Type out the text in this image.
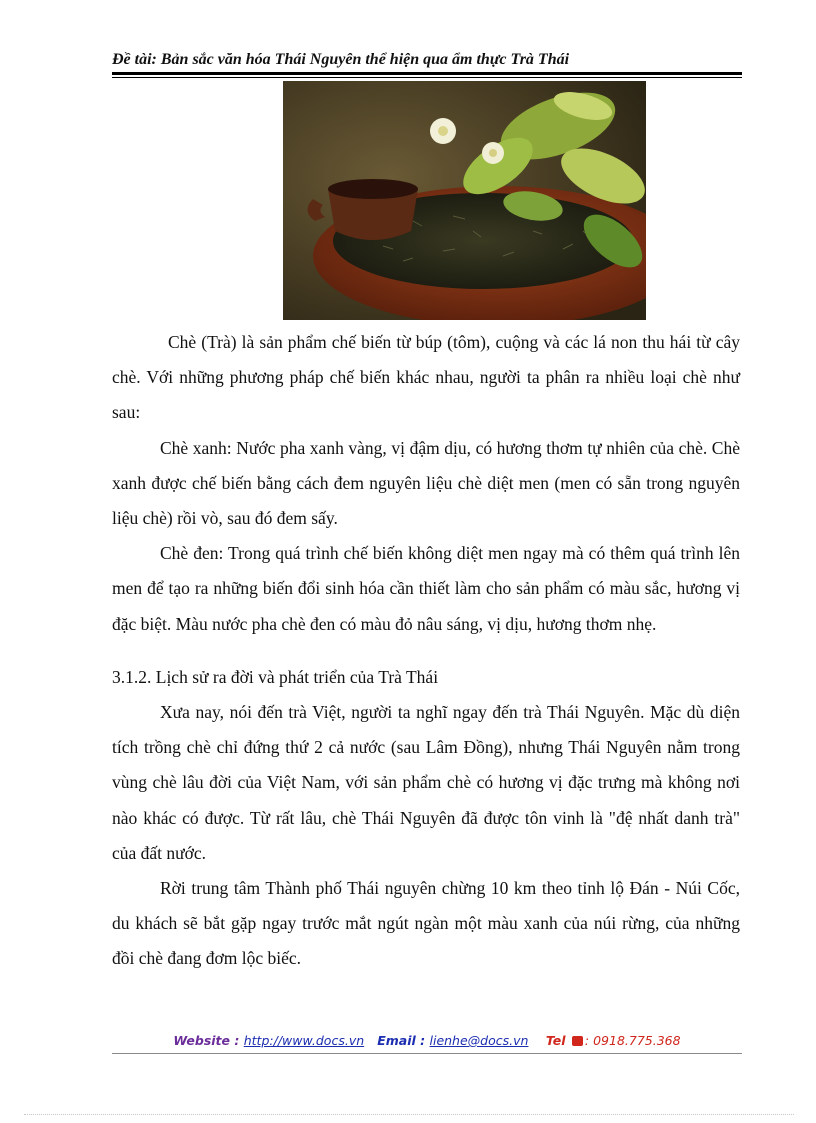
Đề tài: Bản sắc văn hóa Thái Nguyên thể hiện qua ẩm thực Trà Thái

Chè (Trà) là sản phẩm chế biến từ búp (tôm), cuộng và các lá non thu hái từ cây chè. Với những phương pháp chế biến khác nhau, người ta phân ra nhiều loại chè như sau:

Chè xanh: Nước pha xanh vàng, vị đậm dịu, có hương thơm tự nhiên của chè. Chè xanh được chế biến bằng cách đem nguyên liệu chè diệt men (men có sẵn trong nguyên liệu chè) rồi vò, sau đó đem sấy.

Chè đen: Trong quá trình chế biến không diệt men ngay mà có thêm quá trình lên men để tạo ra những biến đổi sinh hóa cần thiết làm cho sản phẩm có màu sắc, hương vị đặc biệt. Màu nước pha chè đen có màu đỏ nâu sáng, vị dịu, hương thơm nhẹ.

3.1.2. Lịch sử ra đời và phát triển của Trà Thái

Xưa nay, nói đến trà Việt, người ta nghĩ ngay đến trà Thái Nguyên. Mặc dù diện tích trồng chè chỉ đứng thứ 2 cả nước (sau Lâm Đồng), nhưng Thái Nguyên nằm trong vùng chè lâu đời của Việt Nam, với sản phẩm chè có hương vị đặc trưng mà không nơi nào khác có được. Từ rất lâu, chè Thái Nguyên đã được tôn vinh là "đệ nhất danh trà" của đất nước.

Rời trung tâm Thành phố Thái nguyên chừng 10 km theo tỉnh lộ Đán - Núi Cốc, du khách sẽ bắt gặp ngay trước mắt ngút ngàn một màu xanh của núi rừng, của những đồi chè đang đơm lộc biếc.

Website : http://www.docs.vn Email : lienhe@docs.vn Tel : 0918.775.368
